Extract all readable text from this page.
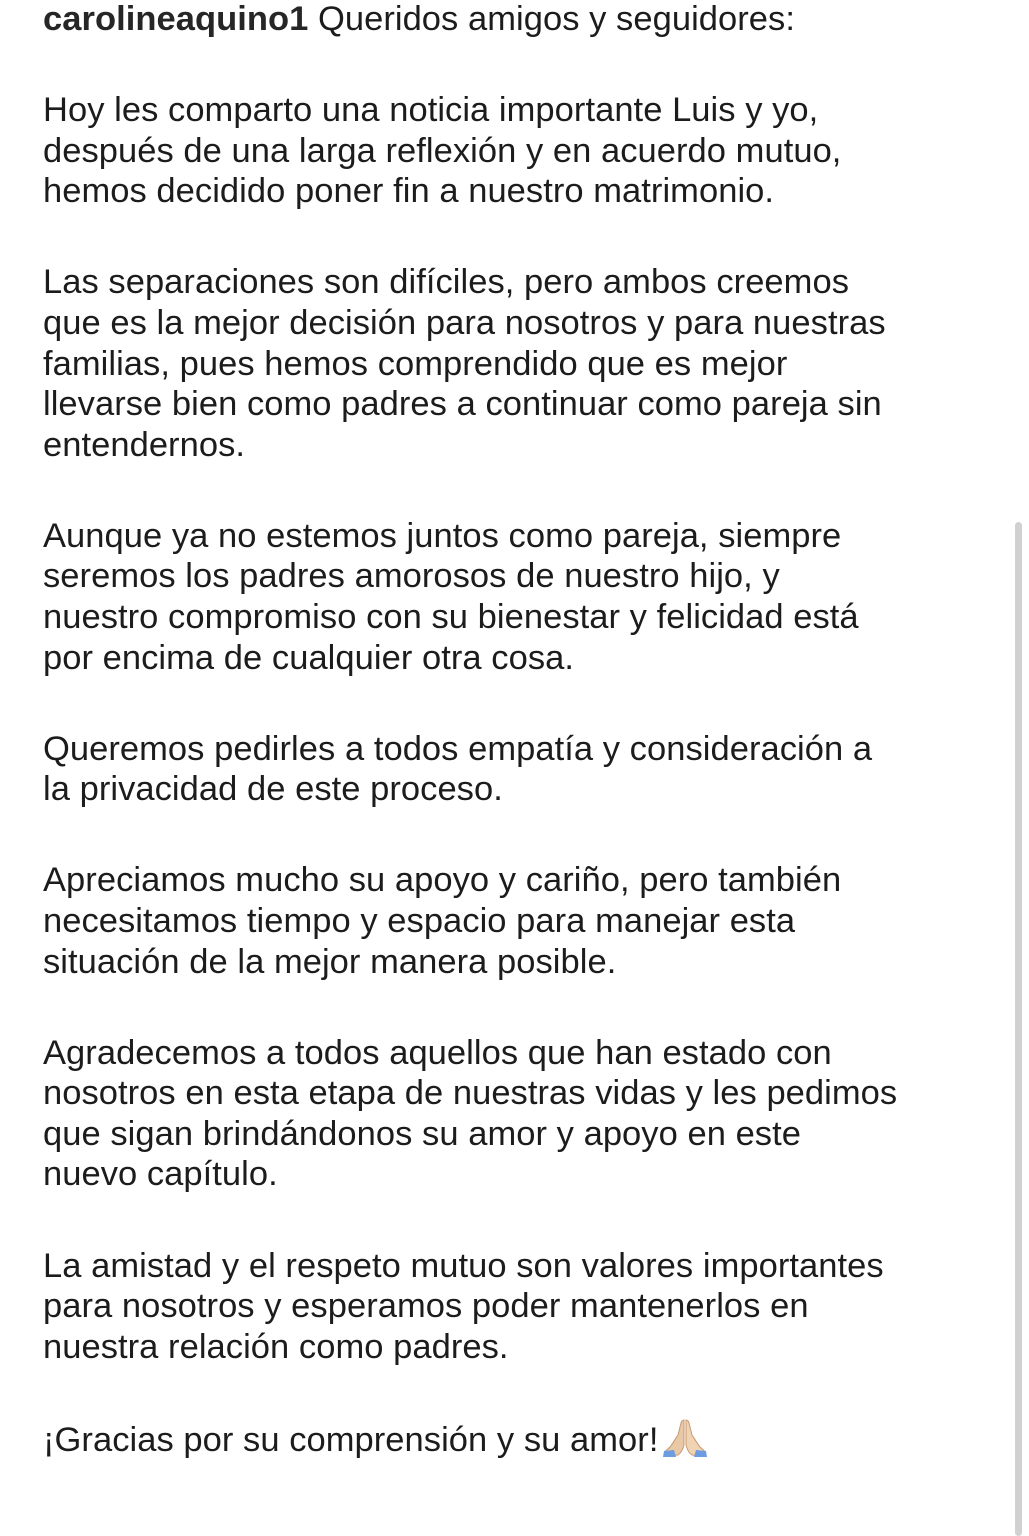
carolineaquino1 Queridos amigos y seguidores:
Hoy les comparto una noticia importante Luis y yo,
después de una larga reflexión y en acuerdo mutuo,
hemos decidido poner fin a nuestro matrimonio.
Las separaciones son difíciles, pero ambos creemos
que es la mejor decisión para nosotros y para nuestras
familias, pues hemos comprendido que es mejor
llevarse bien como padres a continuar como pareja sin
entendernos.
Aunque ya no estemos juntos como pareja, siempre
seremos los padres amorosos de nuestro hijo, y
nuestro compromiso con su bienestar y felicidad está
por encima de cualquier otra cosa.
Queremos pedirles a todos empatía y consideración a
la privacidad de este proceso.
Apreciamos mucho su apoyo y cariño, pero también
necesitamos tiempo y espacio para manejar esta
situación de la mejor manera posible.
Agradecemos a todos aquellos que han estado con
nosotros en esta etapa de nuestras vidas y les pedimos
que sigan brindándonos su amor y apoyo en este
nuevo capítulo.
La amistad y el respeto mutuo son valores importantes
para nosotros y esperamos poder mantenerlos en
nuestra relación como padres.
¡Gracias por su comprensión y su amor!
